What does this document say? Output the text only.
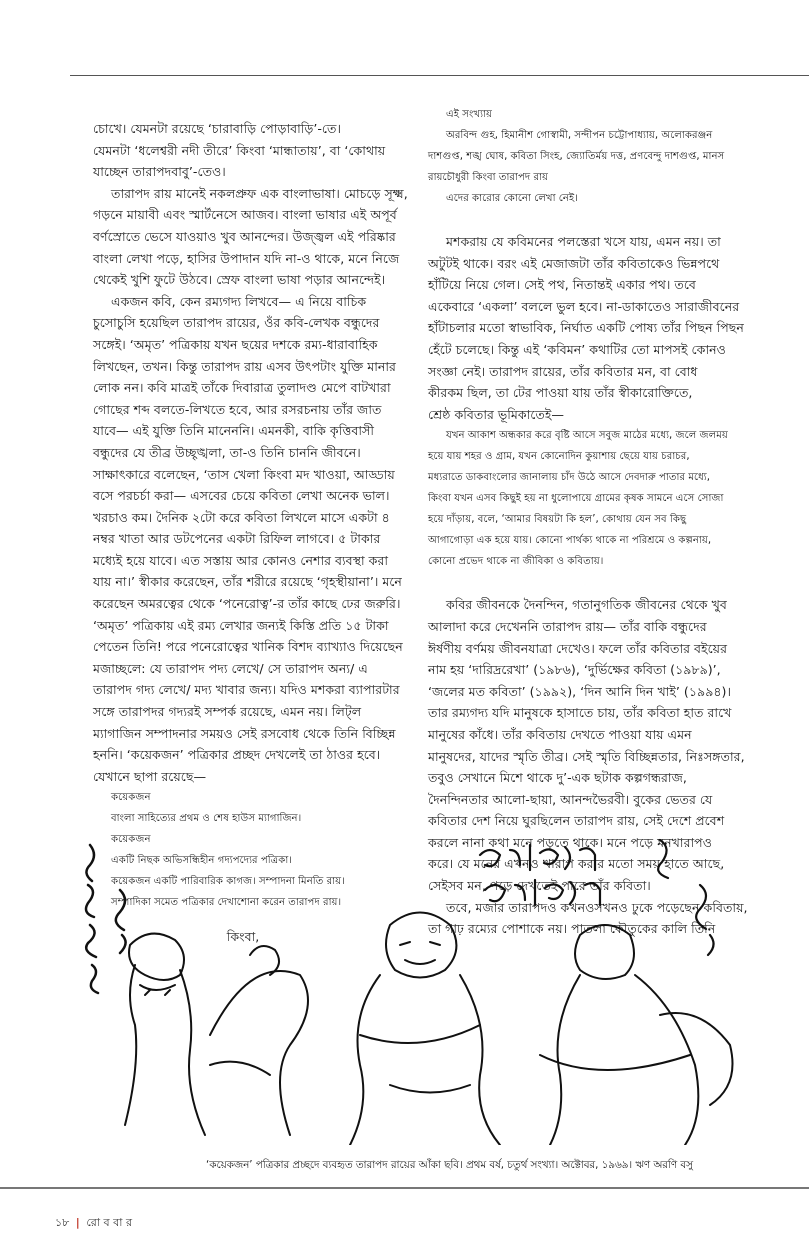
চোখে। যেমনটা রয়েছে ‘চারাবাড়ি পোড়াবাড়ি’-তে।
যেমনটা ‘ধলেশ্বরী নদী তীরে’ কিংবা ‘মান্ধাতায়’, বা ‘কোথায়
যাচ্ছেন তারাপদবাবু’-তেও।
তারাপদ রায় মানেই নকলপ্রুফ এক বাংলাভাষা। মোচড়ে সূক্ষ্ম,
গড়নে মায়াবী এবং স্মার্টনেসে আজব। বাংলা ভাষার এই অপূর্ব
বর্ণস্রোতে ভেসে যাওয়াও খুব আনন্দের। উজ্জ্বল এই পরিষ্কার
বাংলা লেখা পড়ে, হাসির উপাদান যদি না-ও থাকে, মনে নিজে
থেকেই খুশি ফুটে উঠবে। স্রেফ বাংলা ভাষা পড়ার আনন্দেই।
একজন কবি, কেন রম্যগদ্য লিখবে— এ নিয়ে বাচিক
চুসোচুসি হয়েছিল তারাপদ রায়ের, ওঁর কবি-লেখক বন্ধুদের
সঙ্গেই। ‘অমৃত’ পত্রিকায় যখন ছয়ের দশকে রম্য-ধারাবাহিক
লিখছেন, তখন। কিন্তু তারাপদ রায় এসব উৎপটাং যুক্তি মানার
লোক নন। কবি মাত্রই তাঁকে দিবারাত্র তুলাদণ্ড মেপে বাটখারা
গোছের শব্দ বলতে-লিখতে হবে, আর রসরচনায় তাঁর জাত
যাবে— এই যুক্তি তিনি মানেননি। এমনকী, বাকি কৃত্তিবাসী
বন্ধুদের যে তীব্র উচ্ছৃঙ্খলা, তা-ও তিনি চাননি জীবনে।
সাক্ষাৎকারে বলেছেন, ‘তাস খেলা কিংবা মদ খাওয়া, আড্ডায়
বসে পরচর্চা করা— এসবের চেয়ে কবিতা লেখা অনেক ভাল।
খরচাও কম। দৈনিক ২টো করে কবিতা লিখলে মাসে একটা ৪
নম্বর খাতা আর ডটপেনের একটা রিফিল লাগবে। ৫ টাকার
মধ্যেই হয়ে যাবে। এত সস্তায় আর কোনও নেশার ব্যবস্থা করা
যায় না।’ স্বীকার করেছেন, তাঁর শরীরে রয়েছে ‘গৃহস্থীয়ানা’। মনে
করেছেন অমরত্বের থেকে ‘পনেরোত্ব’-র তাঁর কাছে ঢের জরুরি।
‘অমৃত’ পত্রিকায় এই রম্য লেখার জন্যই কিস্তি প্রতি ১৫ টাকা
পেতেন তিনি! পরে পনেরোত্বের খানিক বিশদ ব্যাখ্যাও দিয়েছেন
মজাচ্ছলে: যে তারাপদ পদ্য লেখে/ সে তারাপদ অন্য/ এ
তারাপদ গদ্য লেখে/ মদ্য খাবার জন্য। যদিও মশকরা ব্যাপারটার
সঙ্গে তারাপদর গদ্যরই সম্পর্ক রয়েছে, এমন নয়। লিট্‌ল
ম্যাগাজিন সম্পাদনার সময়ও সেই রসবোধ থেকে তিনি বিচ্ছিন্ন
হননি। ‘কয়েকজন’ পত্রিকার প্রচ্ছদ দেখলেই তা ঠাওর হবে।
যেখানে ছাপা রয়েছে—
কয়েকজন
বাংলা সাহিত্যের প্রথম ও শেষ হাউস ম্যাগাজিন।
কয়েকজন
একটি নিছক অভিসন্ধিহীন গদ্যপদ্যের পত্রিকা।
কয়েকজন একটি পারিবারিক কাগজ। সম্পাদনা মিনতি রায়।
সম্পাদিকা সমেত পত্রিকার দেখাশোনা করেন তারাপদ রায়।
কিংবা,
এই সংখ্যায়
অরবিন্দ গুহ, হিমানীশ গোস্বামী, সন্দীপন চট্টোপাধ্যায়, অলোকরঞ্জন
দাশগুপ্ত, শঙ্খ ঘোষ, কবিতা সিংহ, জ্যোতির্ময় দত্ত, প্রণবেন্দু দাশগুপ্ত, মানস
রায়চৌধুরী কিংবা তারাপদ রায়
এদের কারোর কোনো লেখা নেই।
মশকরায় যে কবিমনের পলস্তেরা খসে যায়, এমন নয়। তা
অটুটই থাকে। বরং এই মেজাজটা তাঁর কবিতাকেও ভিন্নপথে
হাঁটিয়ে নিয়ে গেল। সেই পথ, নিতান্তই একার পথ। তবে
একেবারে ‘একলা’ বললে ভুল হবে। না-ডাকাতেও সারাজীবনের
হাঁটাচলার মতো স্বাভাবিক, নির্ঘাত একটি পোষ্য তাঁর পিছন পিছন
হেঁটে চলেছে। কিন্তু এই ‘কবিমন’ কথাটির তো মাপসই কোনও
সংজ্ঞা নেই। তারাপদ রায়ের, তাঁর কবিতার মন, বা বোধ
কীরকম ছিল, তা টের পাওয়া যায় তাঁর স্বীকারোক্তিতে,
শ্রেষ্ঠ কবিতার ভূমিকাতেই—
যখন আকাশ অন্ধকার করে বৃষ্টি আসে সবুজ মাঠের মধ্যে, জলে জলময়
হয়ে যায় শহর ও গ্রাম, যখন কোনোদিন কুয়াশায় ছেয়ে যায় চরাচর,
মধ্যরাতে ডাকবাংলোর জানালায় চাঁদ উঠে আসে দেবদারু পাতার মধ্যে,
কিংবা যখন এসব কিছুই হয় না ধুলোপায়ে গ্রামের কৃষক সামনে এসে সোজা
হয়ে দাঁড়ায়, বলে, ‘আমার বিষয়টা কি হল’, কোথায় যেন সব কিছু
আগাগোড়া এক হয়ে যায়। কোনো পার্থক্য থাকে না পরিশ্রমে ও কল্পনায়,
কোনো প্রভেদ থাকে না জীবিকা ও কবিতায়।
কবির জীবনকে দৈনন্দিন, গতানুগতিক জীবনের থেকে খুব
আলাদা করে দেখেননি তারাপদ রায়— তাঁর বাকি বন্ধুদের
ঈর্ষণীয় বর্ণময় জীবনযাত্রা দেখেও। ফলে তাঁর কবিতার বইয়ের
নাম হয় ‘দারিদ্ররেখা’ (১৯৮৬), ‘দুর্ভিক্ষের কবিতা (১৯৮৯)’,
‘জলের মত কবিতা’ (১৯৯২), ‘দিন আনি দিন খাই’ (১৯৯৪)।
তার রম্যগদ্য যদি মানুষকে হাসাতে চায়, তাঁর কবিতা হাত রাখে
মানুষের কাঁধে। তাঁর কবিতায় দেখতে পাওয়া যায় এমন
মানুষদের, যাদের স্মৃতি তীব্র। সেই স্মৃতি বিচ্ছিন্নতার, নিঃসঙ্গতার,
তবুও সেখানে মিশে থাকে দু’-এক ছটাক কল্পগন্ধরাজ,
দৈনন্দিনতার আলো-ছায়া, আনন্দভৈরবী। বুকের ভেতর যে
কবিতার দেশ নিয়ে ঘুরছিলেন তারাপদ রায়, সেই দেশে প্রবেশ
করলে নানা কথা মনে পড়তে থাকে। মনে পড়ে মনখারাপও
করে। যে মনের এখনও খারাপ করার মতো সময় হাতে আছে,
সেইসব মন, পড়ে দেখতেই পারে তাঁর কবিতা।
তবে, মজার তারাপদও কখনওসখনও ঢুকে পড়েছেন কবিতায়,
তা গাঢ় রম্যের পোশাকে নয়। পাতলা কৌতুকের কালি তিনি
‘কয়েকজন’ পত্রিকার প্রচ্ছদে ব্যবহৃত তারাপদ রায়ের আঁকা ছবি। প্রথম বর্ষ, চতুর্থ সংখ্যা। অক্টোবর, ১৯৬৯। ঋণ অরণি বসু
১৮ | রো ব বা র
